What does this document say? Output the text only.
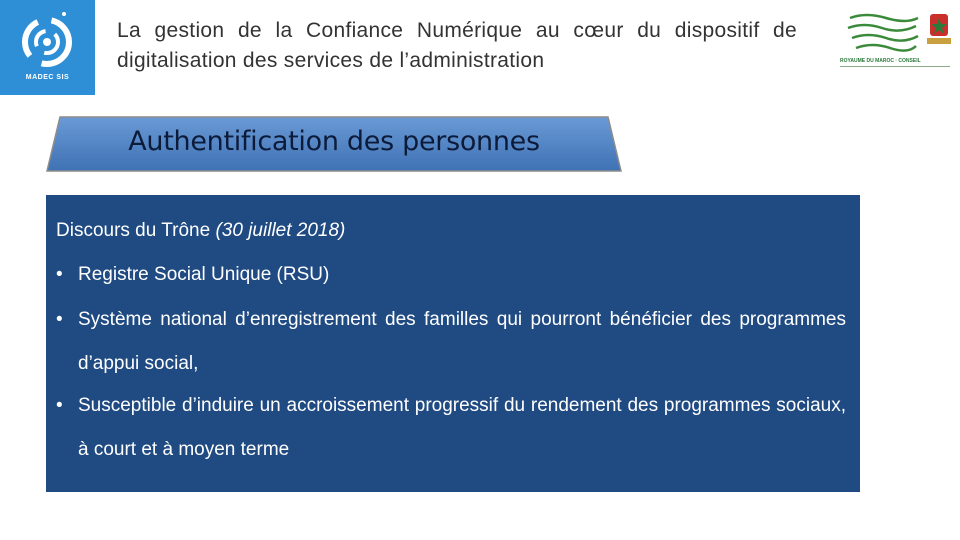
MADEC SIS
La gestion de la Confiance Numérique au cœur du dispositif de digitalisation des services de l’administration	ROYAUME DU MAROC · CONSEIL
Authentification des personnes
Discours du Trône (30 juillet 2018)
• Registre Social Unique (RSU)
• Système national d’enregistrement des familles qui pourront bénéficier des programmes d’appui social,
• Susceptible d’induire un accroissement progressif du rendement des programmes sociaux, à court et à moyen terme
